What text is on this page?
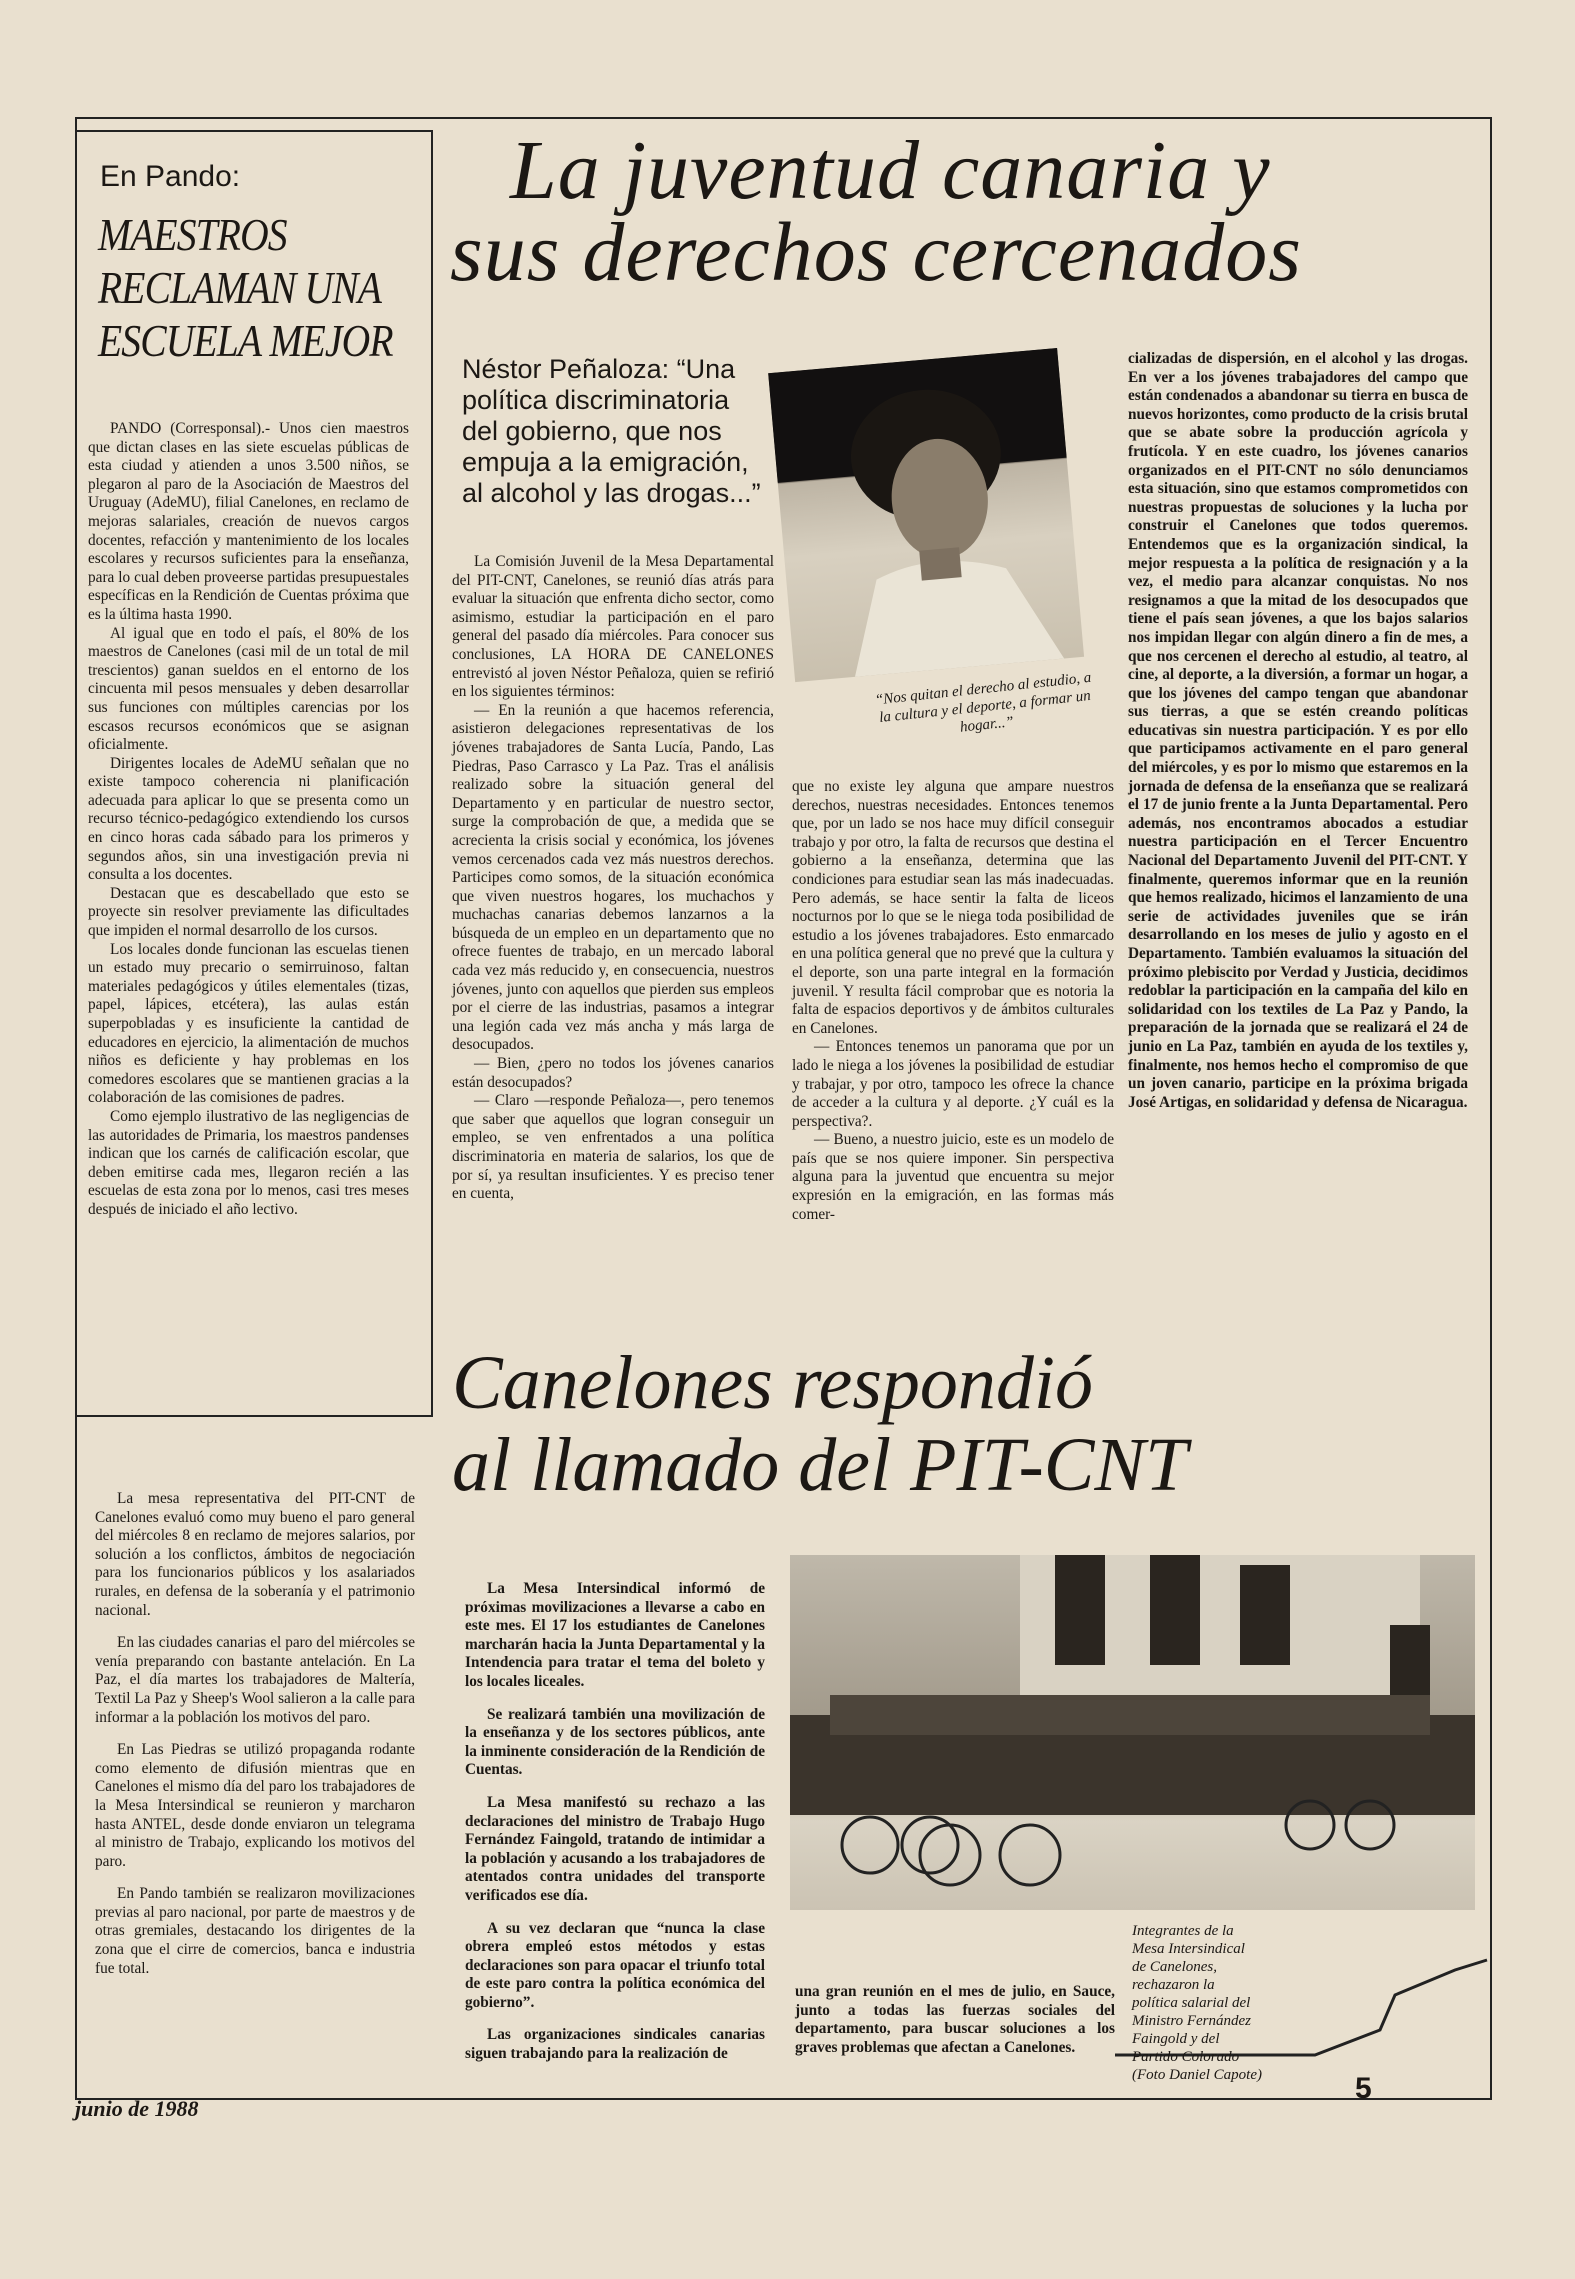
En Pando:
MAESTROS
RECLAMAN UNA
ESCUELA MEJOR

PANDO (Corresponsal).- Unos cien maestros que dictan clases en las siete escuelas públicas de esta ciudad y atienden a unos 3.500 niños, se plegaron al paro de la Asociación de Maestros del Uruguay (AdeMU), filial Canelones, en reclamo de mejoras salariales, creación de nuevos cargos docentes, refacción y mantenimiento de los locales escolares y recursos suficientes para la enseñanza, para lo cual deben proveerse partidas presupuestales específicas en la Rendición de Cuentas próxima que es la última hasta 1990.

Al igual que en todo el país, el 80% de los maestros de Canelones (casi mil de un total de mil trescientos) ganan sueldos en el entorno de los cincuenta mil pesos mensuales y deben desarrollar sus funciones con múltiples carencias por los escasos recursos económicos que se asignan oficialmente.

Dirigentes locales de AdeMU señalan que no existe tampoco coherencia ni planificación adecuada para aplicar lo que se presenta como un recurso técnico-pedagógico extendiendo los cursos en cinco horas cada sábado para los primeros y segundos años, sin una investigación previa ni consulta a los docentes.

Destacan que es descabellado que esto se proyecte sin resolver previamente las dificultades que impiden el normal desarrollo de los cursos.

Los locales donde funcionan las escuelas tienen un estado muy precario o semirruinoso, faltan materiales pedagógicos y útiles elementales (tizas, papel, lápices, etcétera), las aulas están superpobladas y es insuficiente la cantidad de educadores en ejercicio, la alimentación de muchos niños es deficiente y hay problemas en los comedores escolares que se mantienen gracias a la colaboración de las comisiones de padres.

Como ejemplo ilustrativo de las negligencias de las autoridades de Primaria, los maestros pandenses indican que los carnés de calificación escolar, que deben emitirse cada mes, llegaron recién a las escuelas de esta zona por lo menos, casi tres meses después de iniciado el año lectivo.

La juventud canaria y
sus derechos cercenados
Néstor Peñaloza: “Una política discriminatoria del gobierno, que nos empuja a la emigración, al alcohol y las drogas...”
“Nos quitan el derecho al estudio, a la cultura y el deporte, a formar un hogar...”

La Comisión Juvenil de la Mesa Departamental del PIT-CNT, Canelones, se reunió días atrás para evaluar la situación que enfrenta dicho sector, como asimismo, estudiar la participación en el paro general del pasado día miércoles. Para conocer sus conclusiones, LA HORA DE CANELONES entrevistó al joven Néstor Peñaloza, quien se refirió en los siguientes términos:

— En la reunión a que hacemos referencia, asistieron delegaciones representativas de los jóvenes trabajadores de Santa Lucía, Pando, Las Piedras, Paso Carrasco y La Paz. Tras el análisis realizado sobre la situación general del Departamento y en particular de nuestro sector, surge la comprobación de que, a medida que se acrecienta la crisis social y económica, los jóvenes vemos cercenados cada vez más nuestros derechos. Participes como somos, de la situación económica que viven nuestros hogares, los muchachos y muchachas canarias debemos lanzarnos a la búsqueda de un empleo en un departamento que no ofrece fuentes de trabajo, en un mercado laboral cada vez más reducido y, en consecuencia, nuestros jóvenes, junto con aquellos que pierden sus empleos por el cierre de las industrias, pasamos a integrar una legión cada vez más ancha y más larga de desocupados.

— Bien, ¿pero no todos los jóvenes canarios están desocupados?

— Claro —responde Peñaloza—, pero tenemos que saber que aquellos que logran conseguir un empleo, se ven enfrentados a una política discriminatoria en materia de salarios, los que de por sí, ya resultan insuficientes. Y es preciso tener en cuenta,

que no existe ley alguna que ampare nuestros derechos, nuestras necesidades. Entonces tenemos que, por un lado se nos hace muy difícil conseguir trabajo y por otro, la falta de recursos que destina el gobierno a la enseñanza, determina que las condiciones para estudiar sean las más inadecuadas. Pero además, se hace sentir la falta de liceos nocturnos por lo que se le niega toda posibilidad de estudio a los jóvenes trabajadores. Esto enmarcado en una política general que no prevé que la cultura y el deporte, son una parte integral en la formación juvenil. Y resulta fácil comprobar que es notoria la falta de espacios deportivos y de ámbitos culturales en Canelones.

— Entonces tenemos un panorama que por un lado le niega a los jóvenes la posibilidad de estudiar y trabajar, y por otro, tampoco les ofrece la chance de acceder a la cultura y al deporte. ¿Y cuál es la perspectiva?.

— Bueno, a nuestro juicio, este es un modelo de país que se nos quiere imponer. Sin perspectiva alguna para la juventud que encuentra su mejor expresión en la emigración, en las formas más comer-

cializadas de dispersión, en el alcohol y las drogas. En ver a los jóvenes trabajadores del campo que están condenados a abandonar su tierra en busca de nuevos horizontes, como producto de la crisis brutal que se abate sobre la producción agrícola y frutícola. Y en este cuadro, los jóvenes canarios organizados en el PIT-CNT no sólo denunciamos esta situación, sino que estamos comprometidos con nuestras propuestas de soluciones y la lucha por construir el Canelones que todos queremos. Entendemos que es la organización sindical, la mejor respuesta a la política de resignación y a la vez, el medio para alcanzar conquistas. No nos resignamos a que la mitad de los desocupados que tiene el país sean jóvenes, a que los bajos salarios nos impidan llegar con algún dinero a fin de mes, a que nos cercenen el derecho al estudio, al teatro, al cine, al deporte, a la diversión, a formar un hogar, a que los jóvenes del campo tengan que abandonar sus tierras, a que se estén creando políticas educativas sin nuestra participación. Y es por ello que participamos activamente en el paro general del miércoles, y es por lo mismo que estaremos en la jornada de defensa de la enseñanza que se realizará el 17 de junio frente a la Junta Departamental. Pero además, nos encontramos abocados a estudiar nuestra participación en el Tercer Encuentro Nacional del Departamento Juvenil del PIT-CNT. Y finalmente, queremos informar que en la reunión que hemos realizado, hicimos el lanzamiento de una serie de actividades juveniles que se irán desarrollando en los meses de julio y agosto en el Departamento. También evaluamos la situación del próximo plebiscito por Verdad y Justicia, decidimos redoblar la participación en la campaña del kilo en solidaridad con los textiles de La Paz y Pando, la preparación de la jornada que se realizará el 24 de junio en La Paz, también en ayuda de los textiles y, finalmente, nos hemos hecho el compromiso de que un joven canario, participe en la próxima brigada José Artigas, en solidaridad y defensa de Nicaragua.

Canelones respondió
al llamado del PIT-CNT

La mesa representativa del PIT-CNT de Canelones evaluó como muy bueno el paro general del miércoles 8 en reclamo de mejores salarios, por solución a los conflictos, ámbitos de negociación para los funcionarios públicos y los asalariados rurales, en defensa de la soberanía y el patrimonio nacional.

En las ciudades canarias el paro del miércoles se venía preparando con bastante antelación. En La Paz, el día martes los trabajadores de Maltería, Textil La Paz y Sheep's Wool salieron a la calle para informar a la población los motivos del paro.

En Las Piedras se utilizó propaganda rodante como elemento de difusión mientras que en Canelones el mismo día del paro los trabajadores de la Mesa Intersindical se reunieron y marcharon hasta ANTEL, desde donde enviaron un telegrama al ministro de Trabajo, explicando los motivos del paro.

En Pando también se realizaron movilizaciones previas al paro nacional, por parte de maestros y de otras gremiales, destacando los dirigentes de la zona que el cirre de comercios, banca e industria fue total.

La Mesa Intersindical informó de próximas movilizaciones a llevarse a cabo en este mes. El 17 los estudiantes de Canelones marcharán hacia la Junta Departamental y la Intendencia para tratar el tema del boleto y los locales liceales.

Se realizará también una movilización de la enseñanza y de los sectores públicos, ante la inminente consideración de la Rendición de Cuentas.

La Mesa manifestó su rechazo a las declaraciones del ministro de Trabajo Hugo Fernández Faingold, tratando de intimidar a la población y acusando a los trabajadores de atentados contra unidades del transporte verificados ese día.

A su vez declaran que “nunca la clase obrera empleó estos métodos y estas declaraciones son para opacar el triunfo total de este paro contra la política económica del gobierno”.

Las organizaciones sindicales canarias siguen trabajando para la realización de

una gran reunión en el mes de julio, en Sauce, junto a todas las fuerzas sociales del departamento, para buscar soluciones a los graves problemas que afectan a Canelones.

Integrantes de la
Mesa Intersindical
de Canelones,
rechazaron la
política salarial del
Ministro Fernández
Faingold y del
Partido Colorado
(Foto Daniel Capote)
junio de 1988
5
